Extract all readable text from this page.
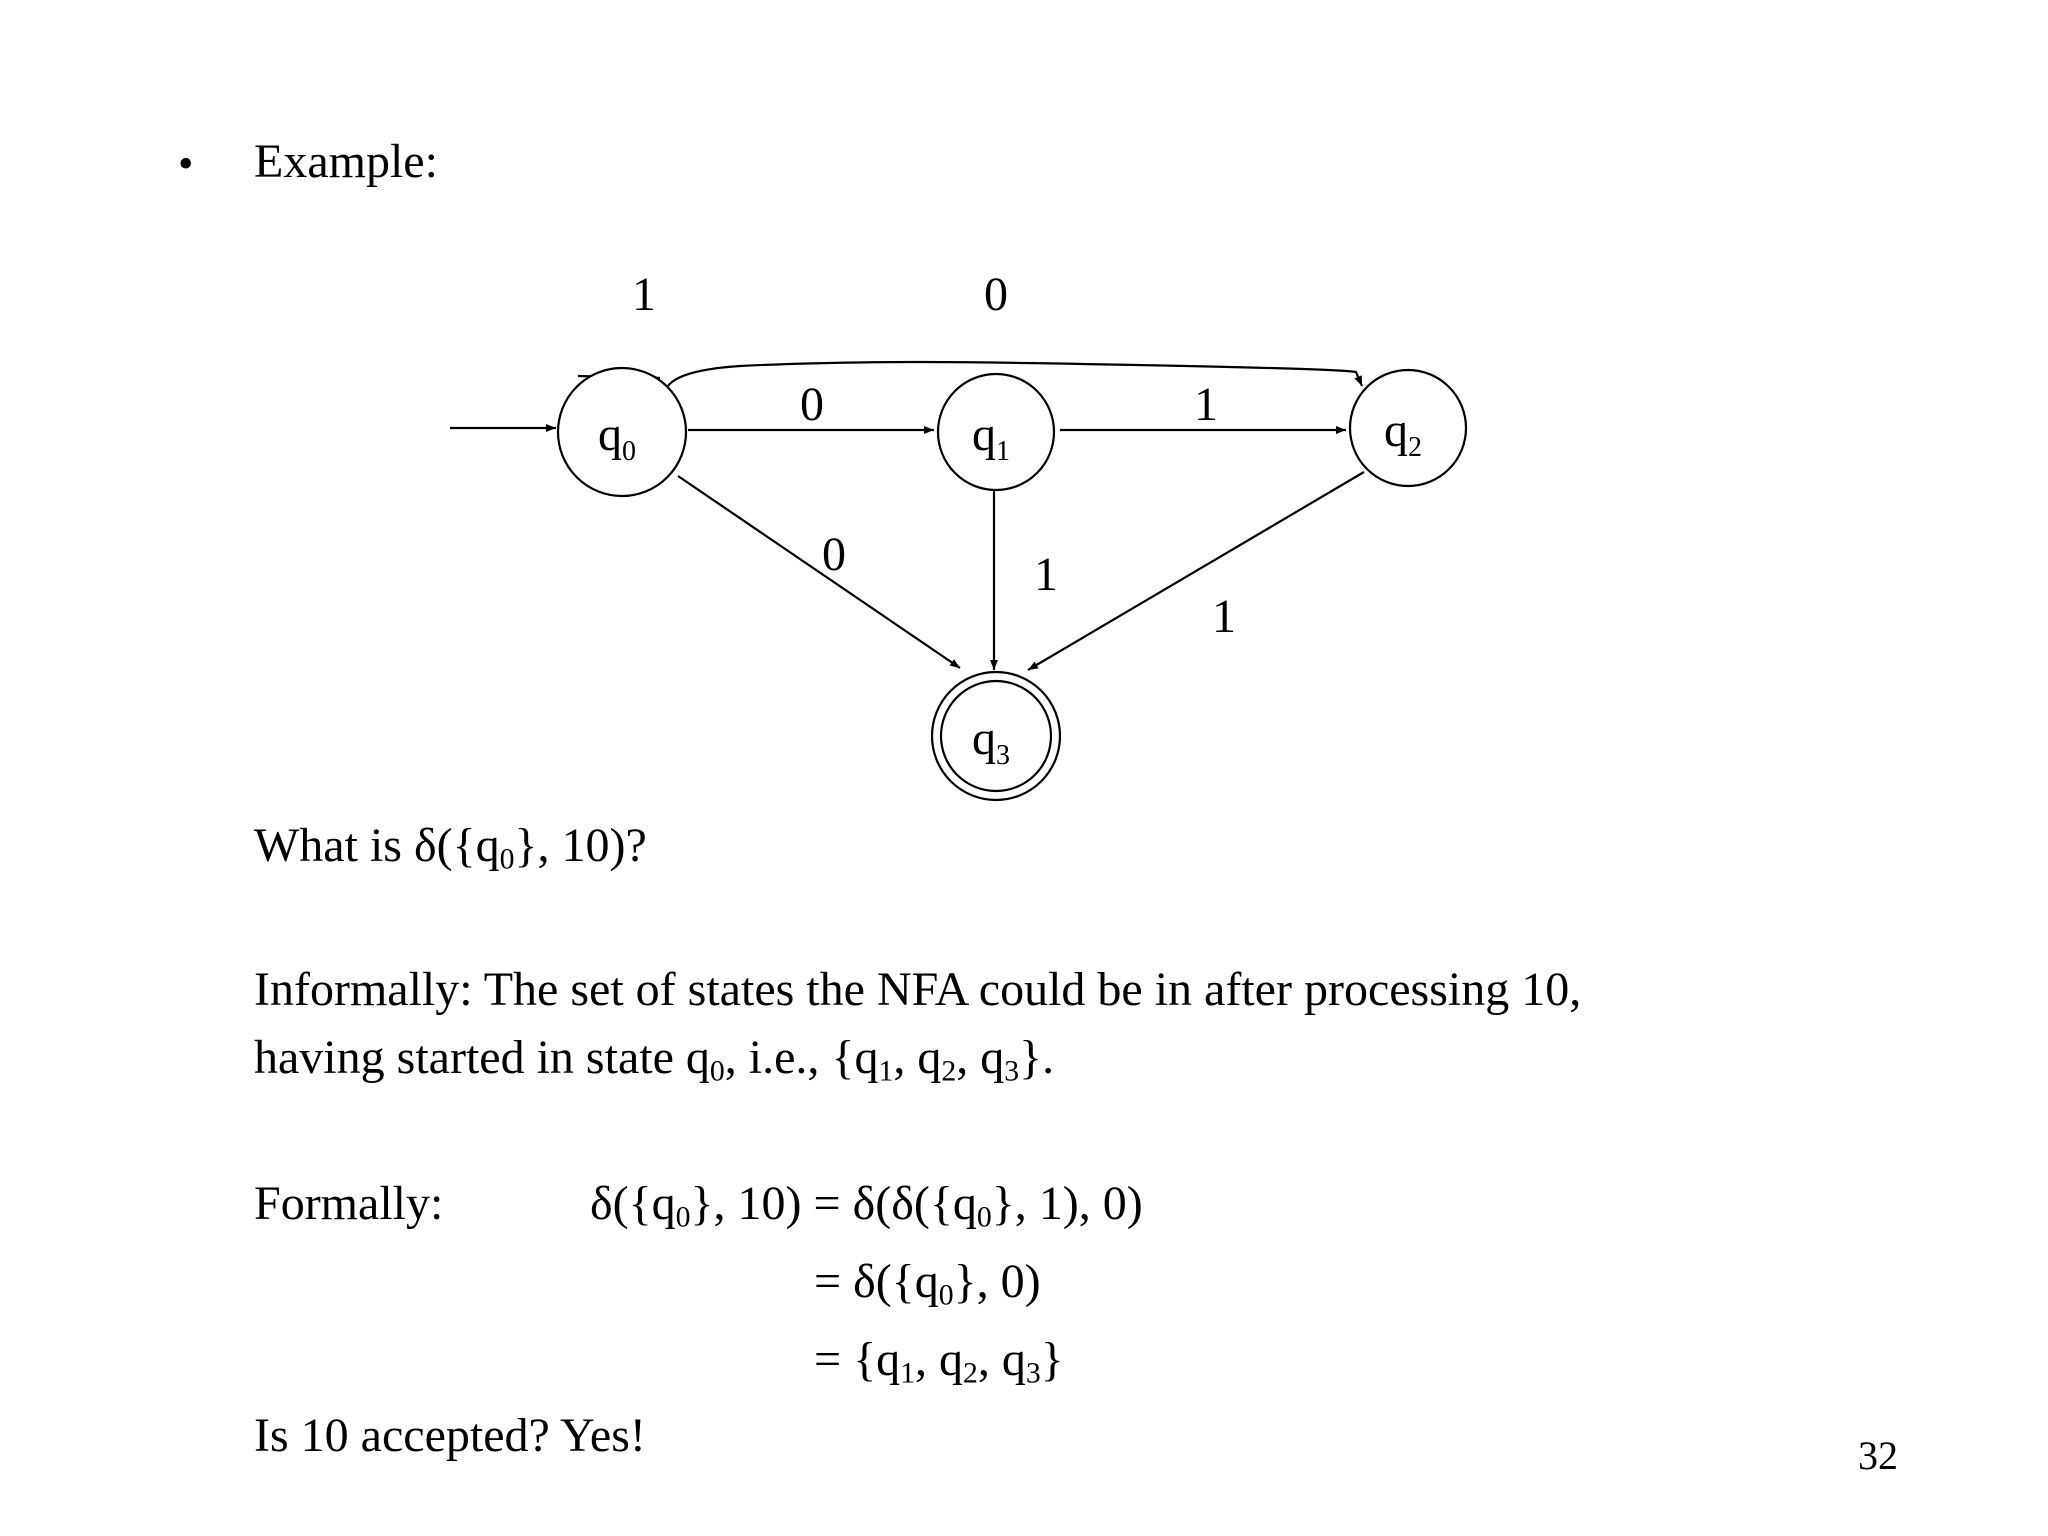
• Example:
$q_0$	$q_1$	$q_2$
$q_3$
1	0
0	1
0	1
1
What is $\delta(\{q_0\}$, 10)?
Informally: The set of states the NFA could be in after processing 10,
having started in state $q_0$, i.e., {$q_1$, $q_2$, $q_3$}.
Formally:	$\delta(\{q_0\}$, $10) = \delta(\delta(\{q_0\}$, 1), 0)
= $\delta(\{q_0\}$, 0)
= {$q_1$, $q_2$, $q_3$}
Is 10 accepted? Yes!	32
